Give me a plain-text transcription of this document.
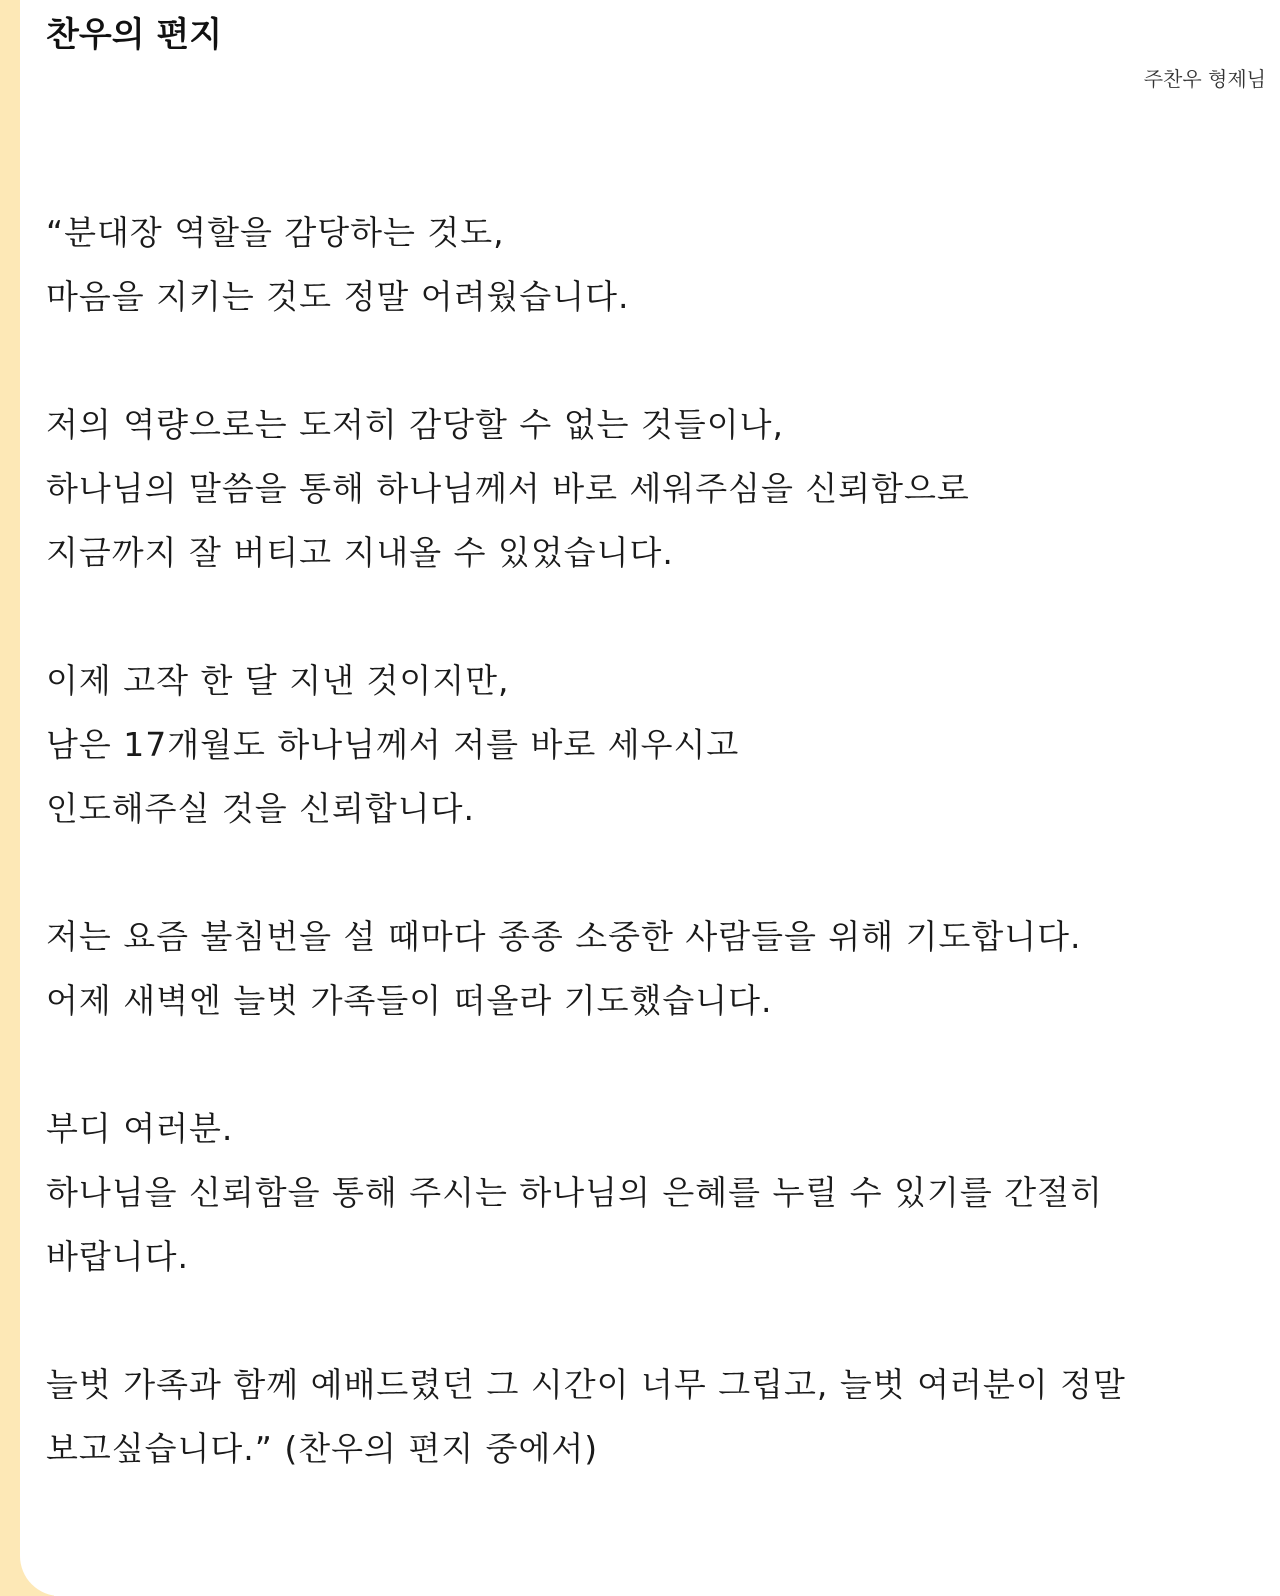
찬우의 편지
주찬우 형제님
“분대장 역할을 감당하는 것도,
마음을 지키는 것도 정말 어려웠습니다.
저의 역량으로는 도저히 감당할 수 없는 것들이나,
하나님의 말씀을 통해 하나님께서 바로 세워주심을 신뢰함으로
지금까지 잘 버티고 지내올 수 있었습니다.
이제 고작 한 달 지낸 것이지만,
남은 17개월도 하나님께서 저를 바로 세우시고
인도해주실 것을 신뢰합니다.
저는 요즘 불침번을 설 때마다 종종 소중한 사람들을 위해 기도합니다.
어제 새벽엔 늘벗 가족들이 떠올라 기도했습니다.
부디 여러분.
하나님을 신뢰함을 통해 주시는 하나님의 은혜를 누릴 수 있기를 간절히
바랍니다.
늘벗 가족과 함께 예배드렸던 그 시간이 너무 그립고, 늘벗 여러분이 정말
보고싶습니다.” (찬우의 편지 중에서)
